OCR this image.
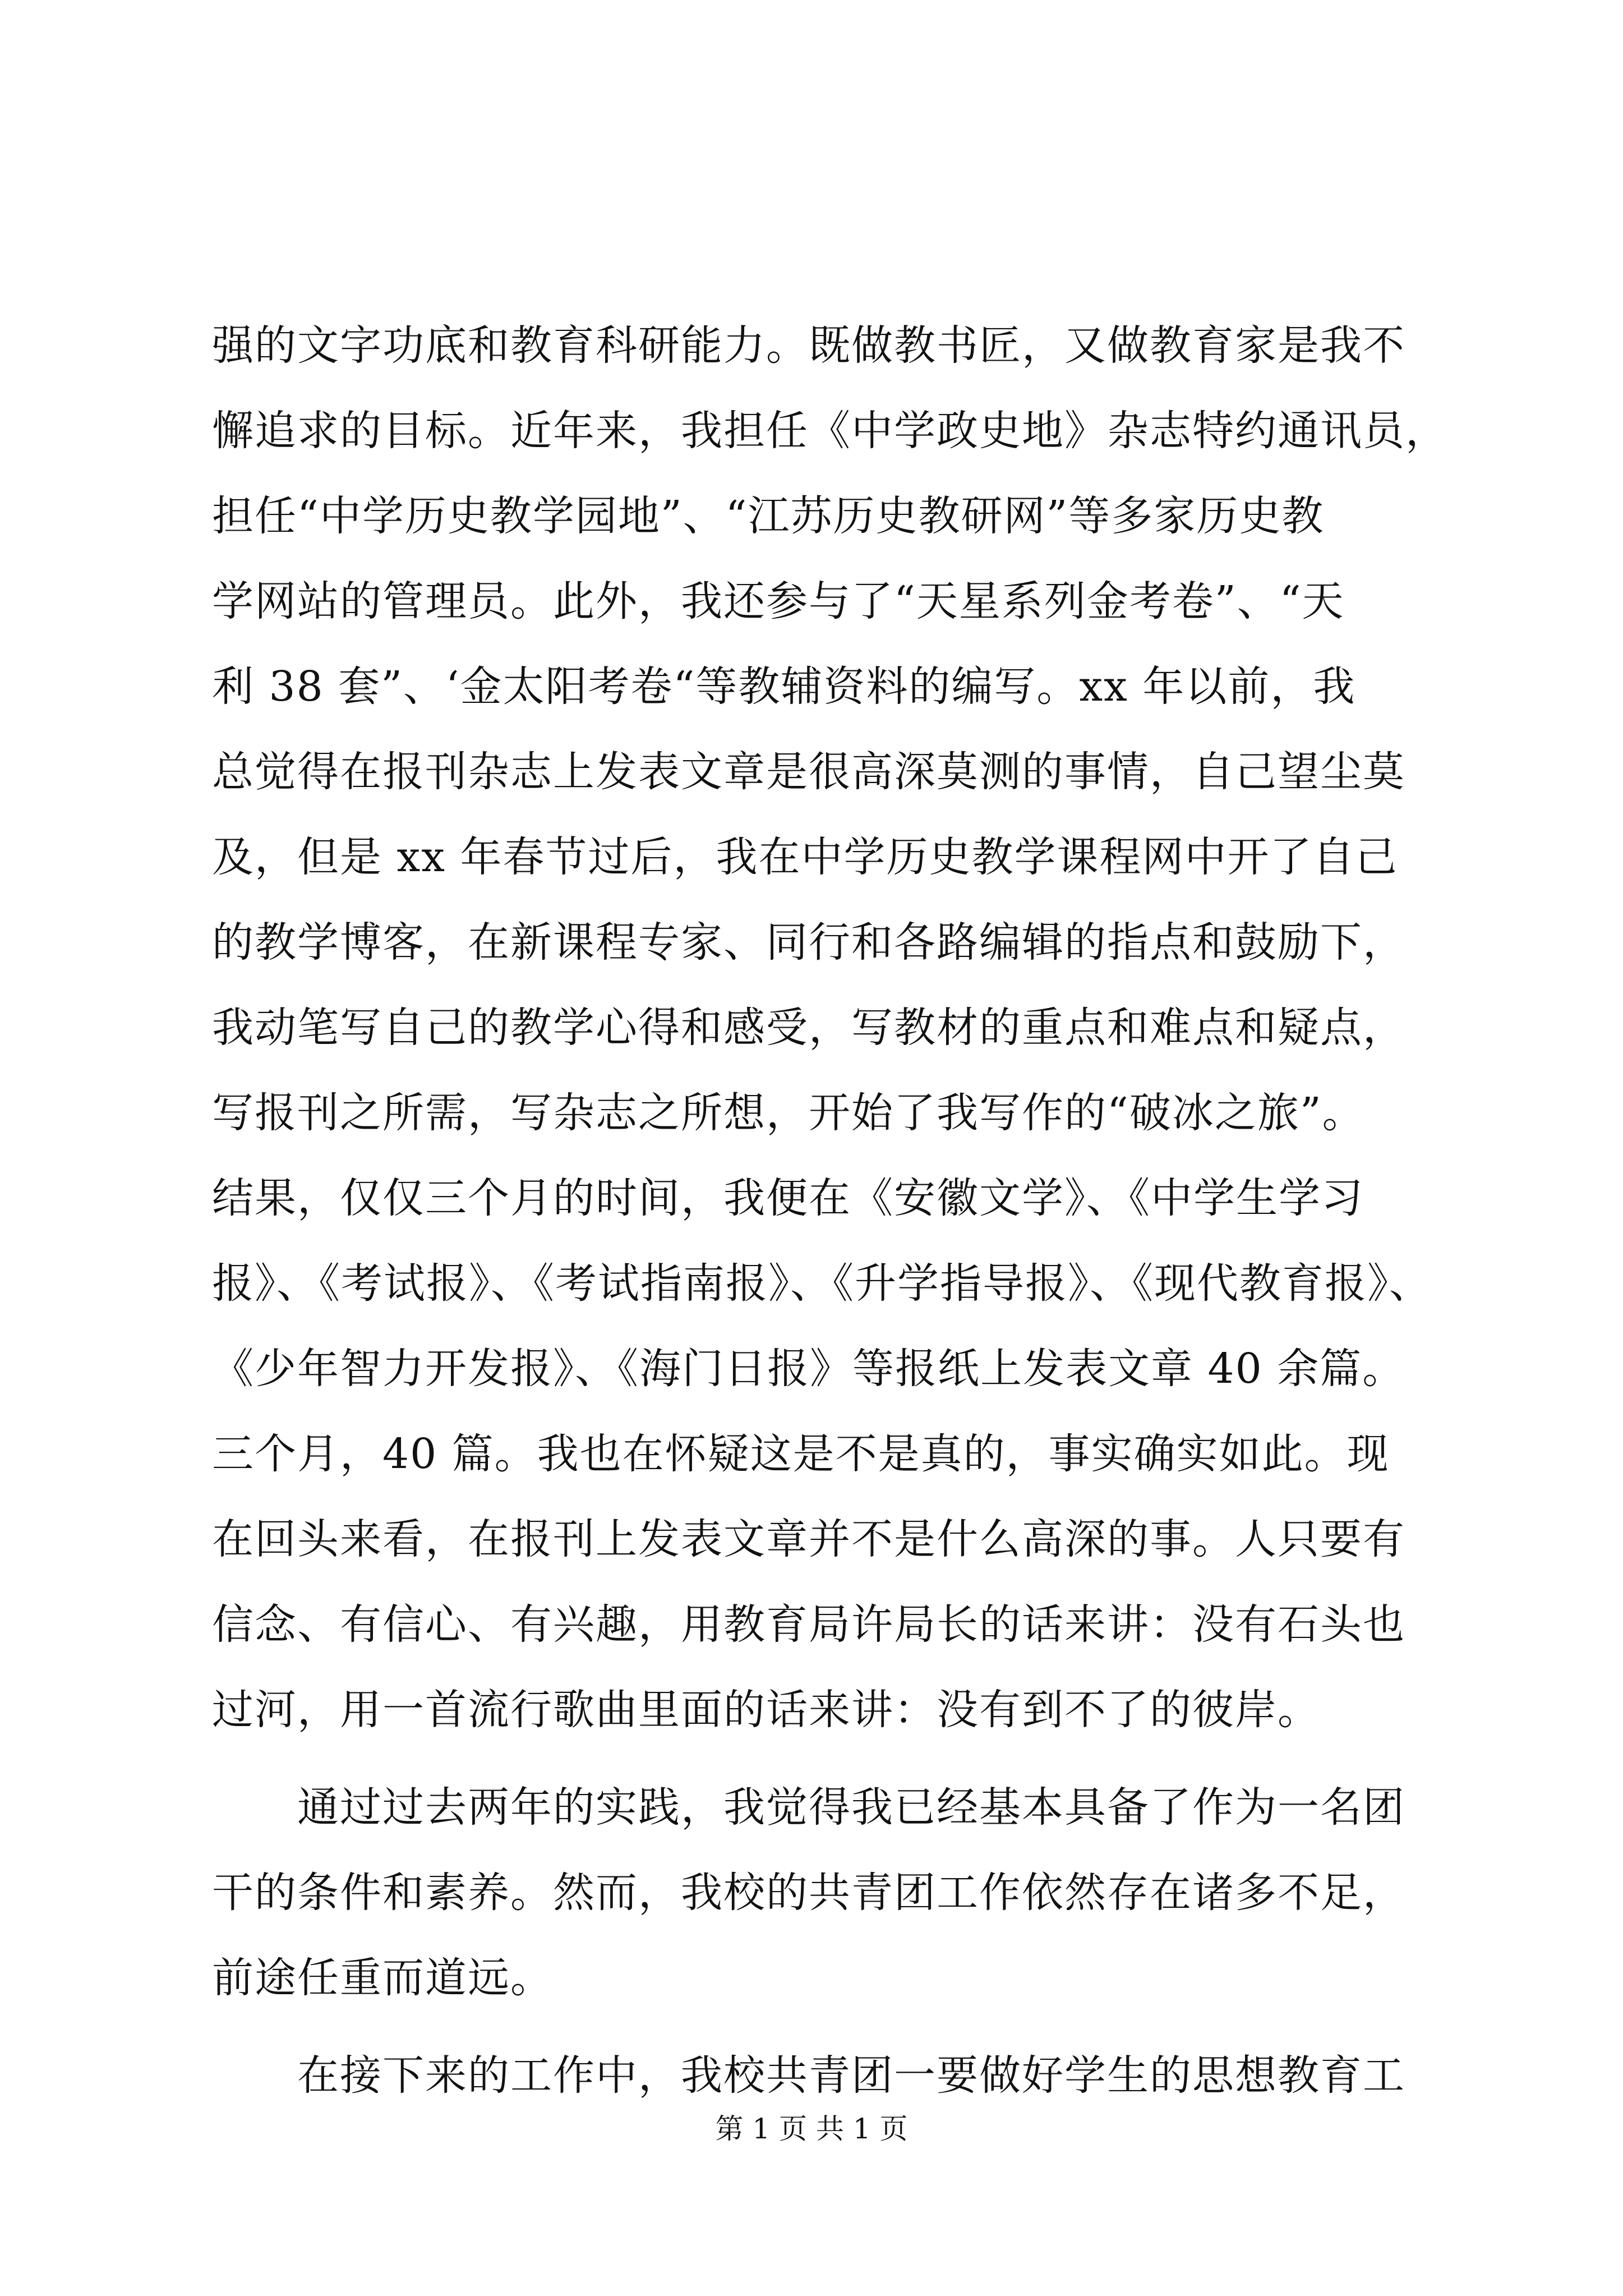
强的文字功底和教育科研能力。既做教书匠，又做教育家是我不
懈追求的目标。近年来，我担任《中学政史地》杂志特约通讯员，
担任“中学历史教学园地”、“江苏历史教研网”等多家历史教
学网站的管理员。此外，我还参与了“天星系列金考卷”、“天
利 38 套”、‘金太阳考卷“等教辅资料的编写。xx 年以前，我
总觉得在报刊杂志上发表文章是很高深莫测的事情，自己望尘莫
及，但是 xx 年春节过后，我在中学历史教学课程网中开了自己
的教学博客，在新课程专家、同行和各路编辑的指点和鼓励下，
我动笔写自己的教学心得和感受，写教材的重点和难点和疑点，
写报刊之所需，写杂志之所想，开始了我写作的“破冰之旅”。
结果，仅仅三个月的时间，我便在《安徽文学》、《中学生学习
报》、《考试报》、《考试指南报》、《升学指导报》、《现代教育报》、
《少年智力开发报》、《海门日报》等报纸上发表文章 40 余篇。
三个月，40 篇。我也在怀疑这是不是真的，事实确实如此。现
在回头来看，在报刊上发表文章并不是什么高深的事。人只要有
信念、有信心、有兴趣，用教育局许局长的话来讲：没有石头也
过河，用一首流行歌曲里面的话来讲：没有到不了的彼岸。
　　通过过去两年的实践，我觉得我已经基本具备了作为一名团
干的条件和素养。然而，我校的共青团工作依然存在诸多不足，
前途任重而道远。
　　在接下来的工作中，我校共青团一要做好学生的思想教育工
第 1 页 共 1 页
